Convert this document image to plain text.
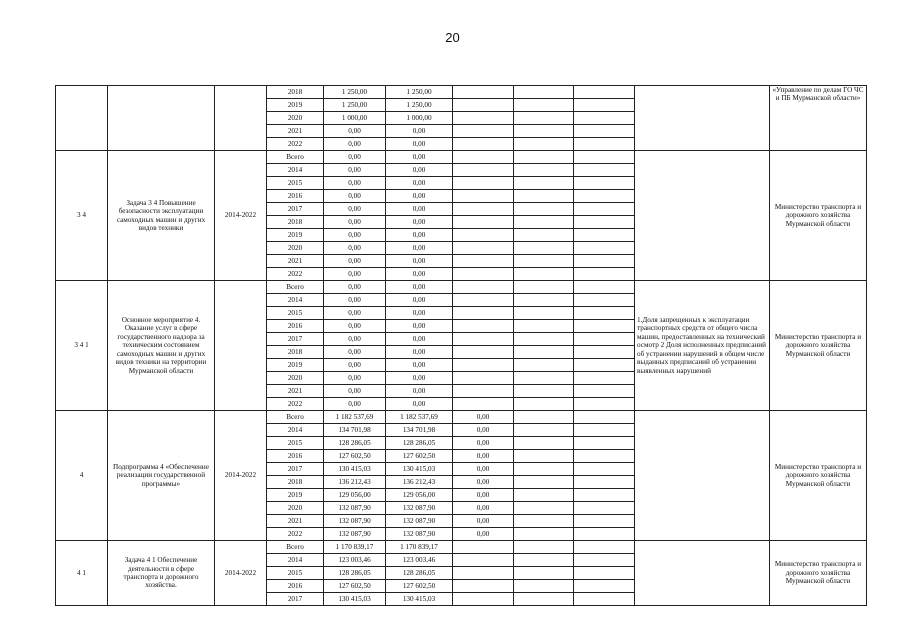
20
			2018	1 250,00	1 250,00					«Управление по делам ГО ЧС и ПБ Мурманской области»
			2019	1 250,00	1 250,00					
			2020	1 000,00	1 000,00					
			2021	0,00	0,00					
			2022	0,00	0,00					
3 4	Задача 3 4 Повышение безопасности эксплуатации самоходных машин и других видов техники	2014-2022	Всего	0,00	0,00					Министерство транспорта и дорожного хозяйства Мурманской области
			2014	0,00	0,00					
			2015	0,00	0,00					
			2016	0,00	0,00					
			2017	0,00	0,00					
			2018	0,00	0,00					
			2019	0,00	0,00					
			2020	0,00	0,00					
			2021	0,00	0,00					
			2022	0,00	0,00					
3 4 1	Основное мероприятие 4. Оказание услуг в сфере государственного надзора за техническим состоянием самоходных машин и других видов техники на территории Мурманской области		Всего	0,00	0,00				1.Доля запрещенных к эксплуатации транспортных средств от общего числа машин, предоставленных на технический осмотр 2 Доля исполненных предписаний об устранении нарушений в общем числе выданных предписаний об устранении выявленных нарушений	Министерство транспорта и дорожного хозяйства Мурманской области
			2014	0,00	0,00					
			2015	0,00	0,00					
			2016	0,00	0,00					
			2017	0,00	0,00					
			2018	0,00	0,00					
			2019	0,00	0,00					
			2020	0,00	0,00					
			2021	0,00	0,00					
			2022	0,00	0,00					
4	Подпрограмма 4 «Обеспечение реализации государственной программы»	2014-2022	Всего	1 182 537,69	1 182 537,69	0,00				Министерство транспорта и дорожного хозяйства Мурманской области
			2014	134 701,98	134 701,98	0,00				
			2015	128 286,05	128 286,05	0,00				
			2016	127 602,50	127 602,50	0,00				
			2017	130 415,03	130 415,03	0,00				
			2018	136 212,43	136 212,43	0,00				
			2019	129 056,00	129 056,00	0,00				
			2020	132 087,90	132 087,90	0,00				
			2021	132 087,90	132 087,90	0,00				
			2022	132 087,90	132 087,90	0,00				
4 1	Задача 4 1 Обеспечение деятельности в сфере транспорта и дорожного хозяйства.	2014-2022	Всего	1 170 839,17	1 170 839,17					Министерство транспорта и дорожного хозяйства Мурманской области
			2014	123 003,46	123 003,46					
			2015	128 286,05	128 286,05					
			2016	127 602,50	127 602,50					
			2017	130 415,03	130 415,03					
